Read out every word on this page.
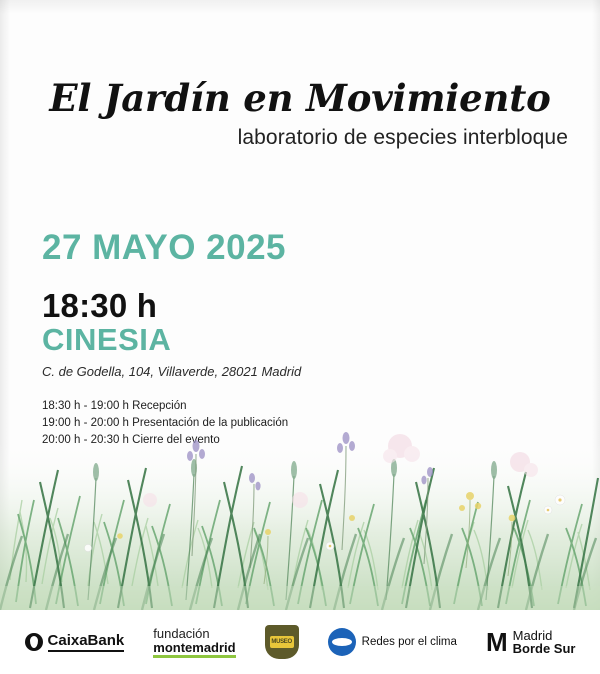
El Jardín en Movimiento
laboratorio de especies interbloque
27 MAYO 2025
18:30 h
CINESIA
C. de Godella, 104, Villaverde, 28021 Madrid
18:30 h - 19:00 h Recepción
19:00 h - 20:00 h Presentación de la publicación
CaixaBank fundación
montemadrid	MUSEO	Redes por el clima M Madrid
Borde Sur
